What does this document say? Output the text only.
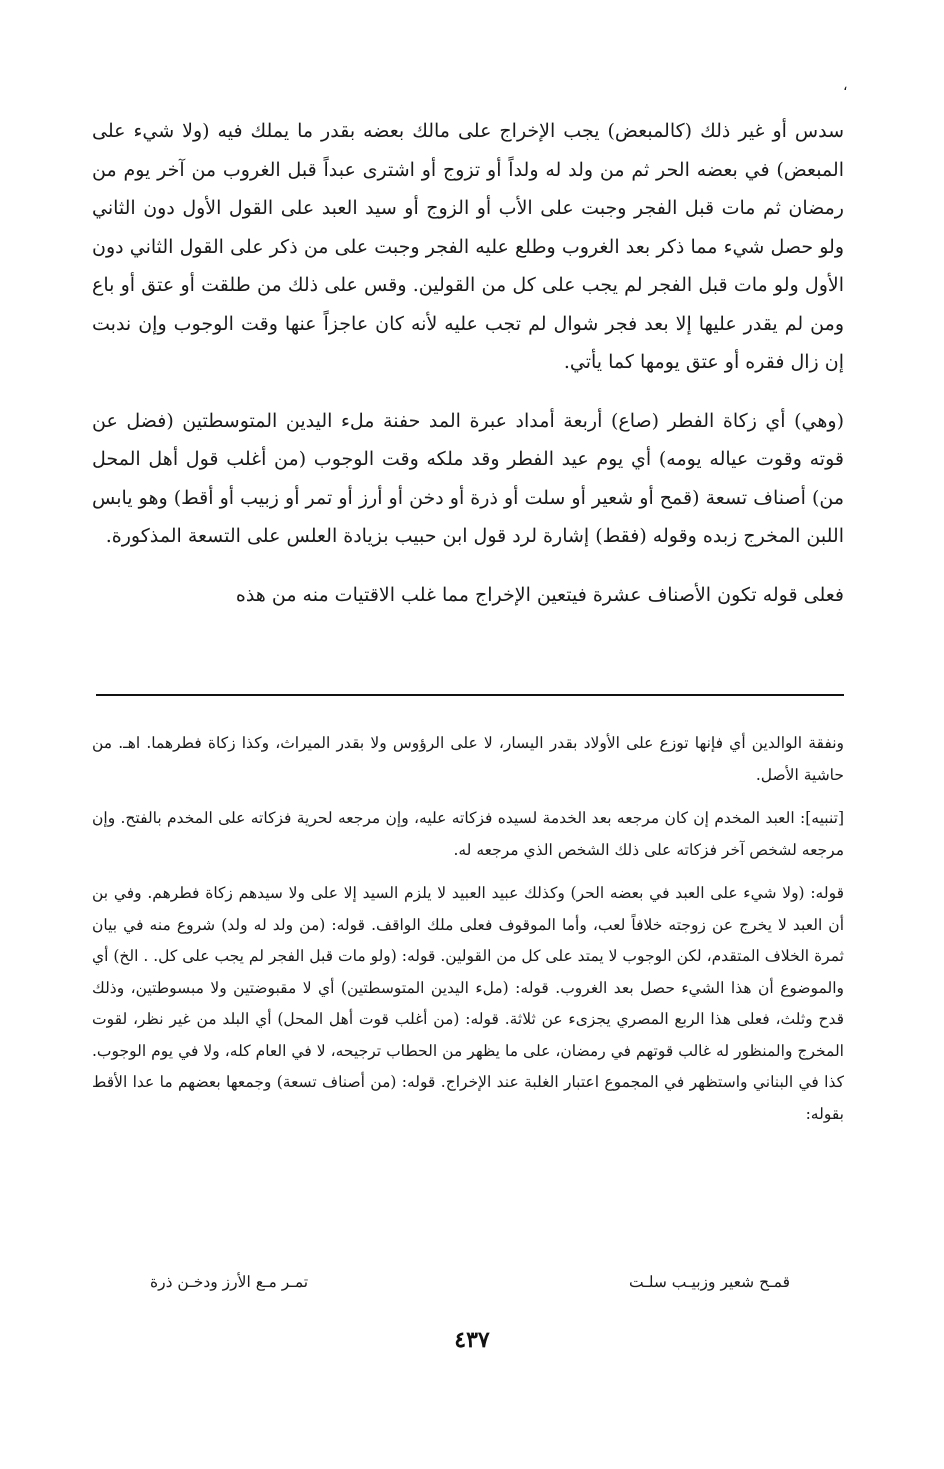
،

سدس أو غير ذلك (كالمبعض) يجب الإخراج على مالك بعضه بقدر ما يملك فيه (ولا شيء على المبعض) في بعضه الحر ثم من ولد له ولداً أو تزوج أو اشترى عبداً قبل الغروب من آخر يوم من رمضان ثم مات قبل الفجر وجبت على الأب أو الزوج أو سيد العبد على القول الأول دون الثاني ولو حصل شيء مما ذكر بعد الغروب وطلع عليه الفجر وجبت على من ذكر على القول الثاني دون الأول ولو مات قبل الفجر لم يجب على كل من القولين. وقس على ذلك من طلقت أو عتق أو باع ومن لم يقدر عليها إلا بعد فجر شوال لم تجب عليه لأنه كان عاجزاً عنها وقت الوجوب وإن ندبت إن زال فقره أو عتق يومها كما يأتي.

(وهي) أي زكاة الفطر (صاع) أربعة أمداد عبرة المد حفنة ملء اليدين المتوسطتين (فضل عن قوته وقوت عياله يومه) أي يوم عيد الفطر وقد ملكه وقت الوجوب (من أغلب قول أهل المحل من) أصناف تسعة (قمح أو شعير أو سلت أو ذرة أو دخن أو أرز أو تمر أو زبيب أو أقط) وهو يابس اللبن المخرج زبده وقوله (فقط) إشارة لرد قول ابن حبيب بزيادة العلس على التسعة المذكورة.

فعلى قوله تكون الأصناف عشرة فيتعين الإخراج مما غلب الاقتيات منه من هذه

ونفقة الوالدين أي فإنها توزع على الأولاد بقدر اليسار، لا على الرؤوس ولا بقدر الميراث، وكذا زكاة فطرهما. اهـ. من حاشية الأصل.

[تنبيه]: العبد المخدم إن كان مرجعه بعد الخدمة لسيده فزكاته عليه، وإن مرجعه لحرية فزكاته على المخدم بالفتح. وإن مرجعه لشخص آخر فزكاته على ذلك الشخص الذي مرجعه له.

قوله: (ولا شيء على العبد في بعضه الحر) وكذلك عبيد العبيد لا يلزم السيد إلا على ولا سيدهم زكاة فطرهم. وفي بن أن العبد لا يخرج عن زوجته خلافاً لعب، وأما الموقوف فعلى ملك الواقف. قوله: (من ولد له ولد) شروع منه في بيان ثمرة الخلاف المتقدم، لكن الوجوب لا يمتد على كل من القولين. قوله: (ولو مات قبل الفجر لم يجب على كل. . الخ) أي والموضوع أن هذا الشيء حصل بعد الغروب. قوله: (ملء اليدين المتوسطتين) أي لا مقبوضتين ولا مبسوطتين، وذلك قدح وثلث، فعلى هذا الربع المصري يجزىء عن ثلاثة. قوله: (من أغلب قوت أهل المحل) أي البلد من غير نظر، لقوت المخرج والمنظور له غالب قوتهم في رمضان، على ما يظهر من الحطاب ترجيحه، لا في العام كله، ولا في يوم الوجوب. كذا في البناني واستظهر في المجموع اعتبار الغلبة عند الإخراج. قوله: (من أصناف تسعة) وجمعها بعضهم ما عدا الأقط بقوله:

قمـح شعير وزبيـب سلـت
تمـر مـع الأرز ودخـن ذرة
٤٣٧
